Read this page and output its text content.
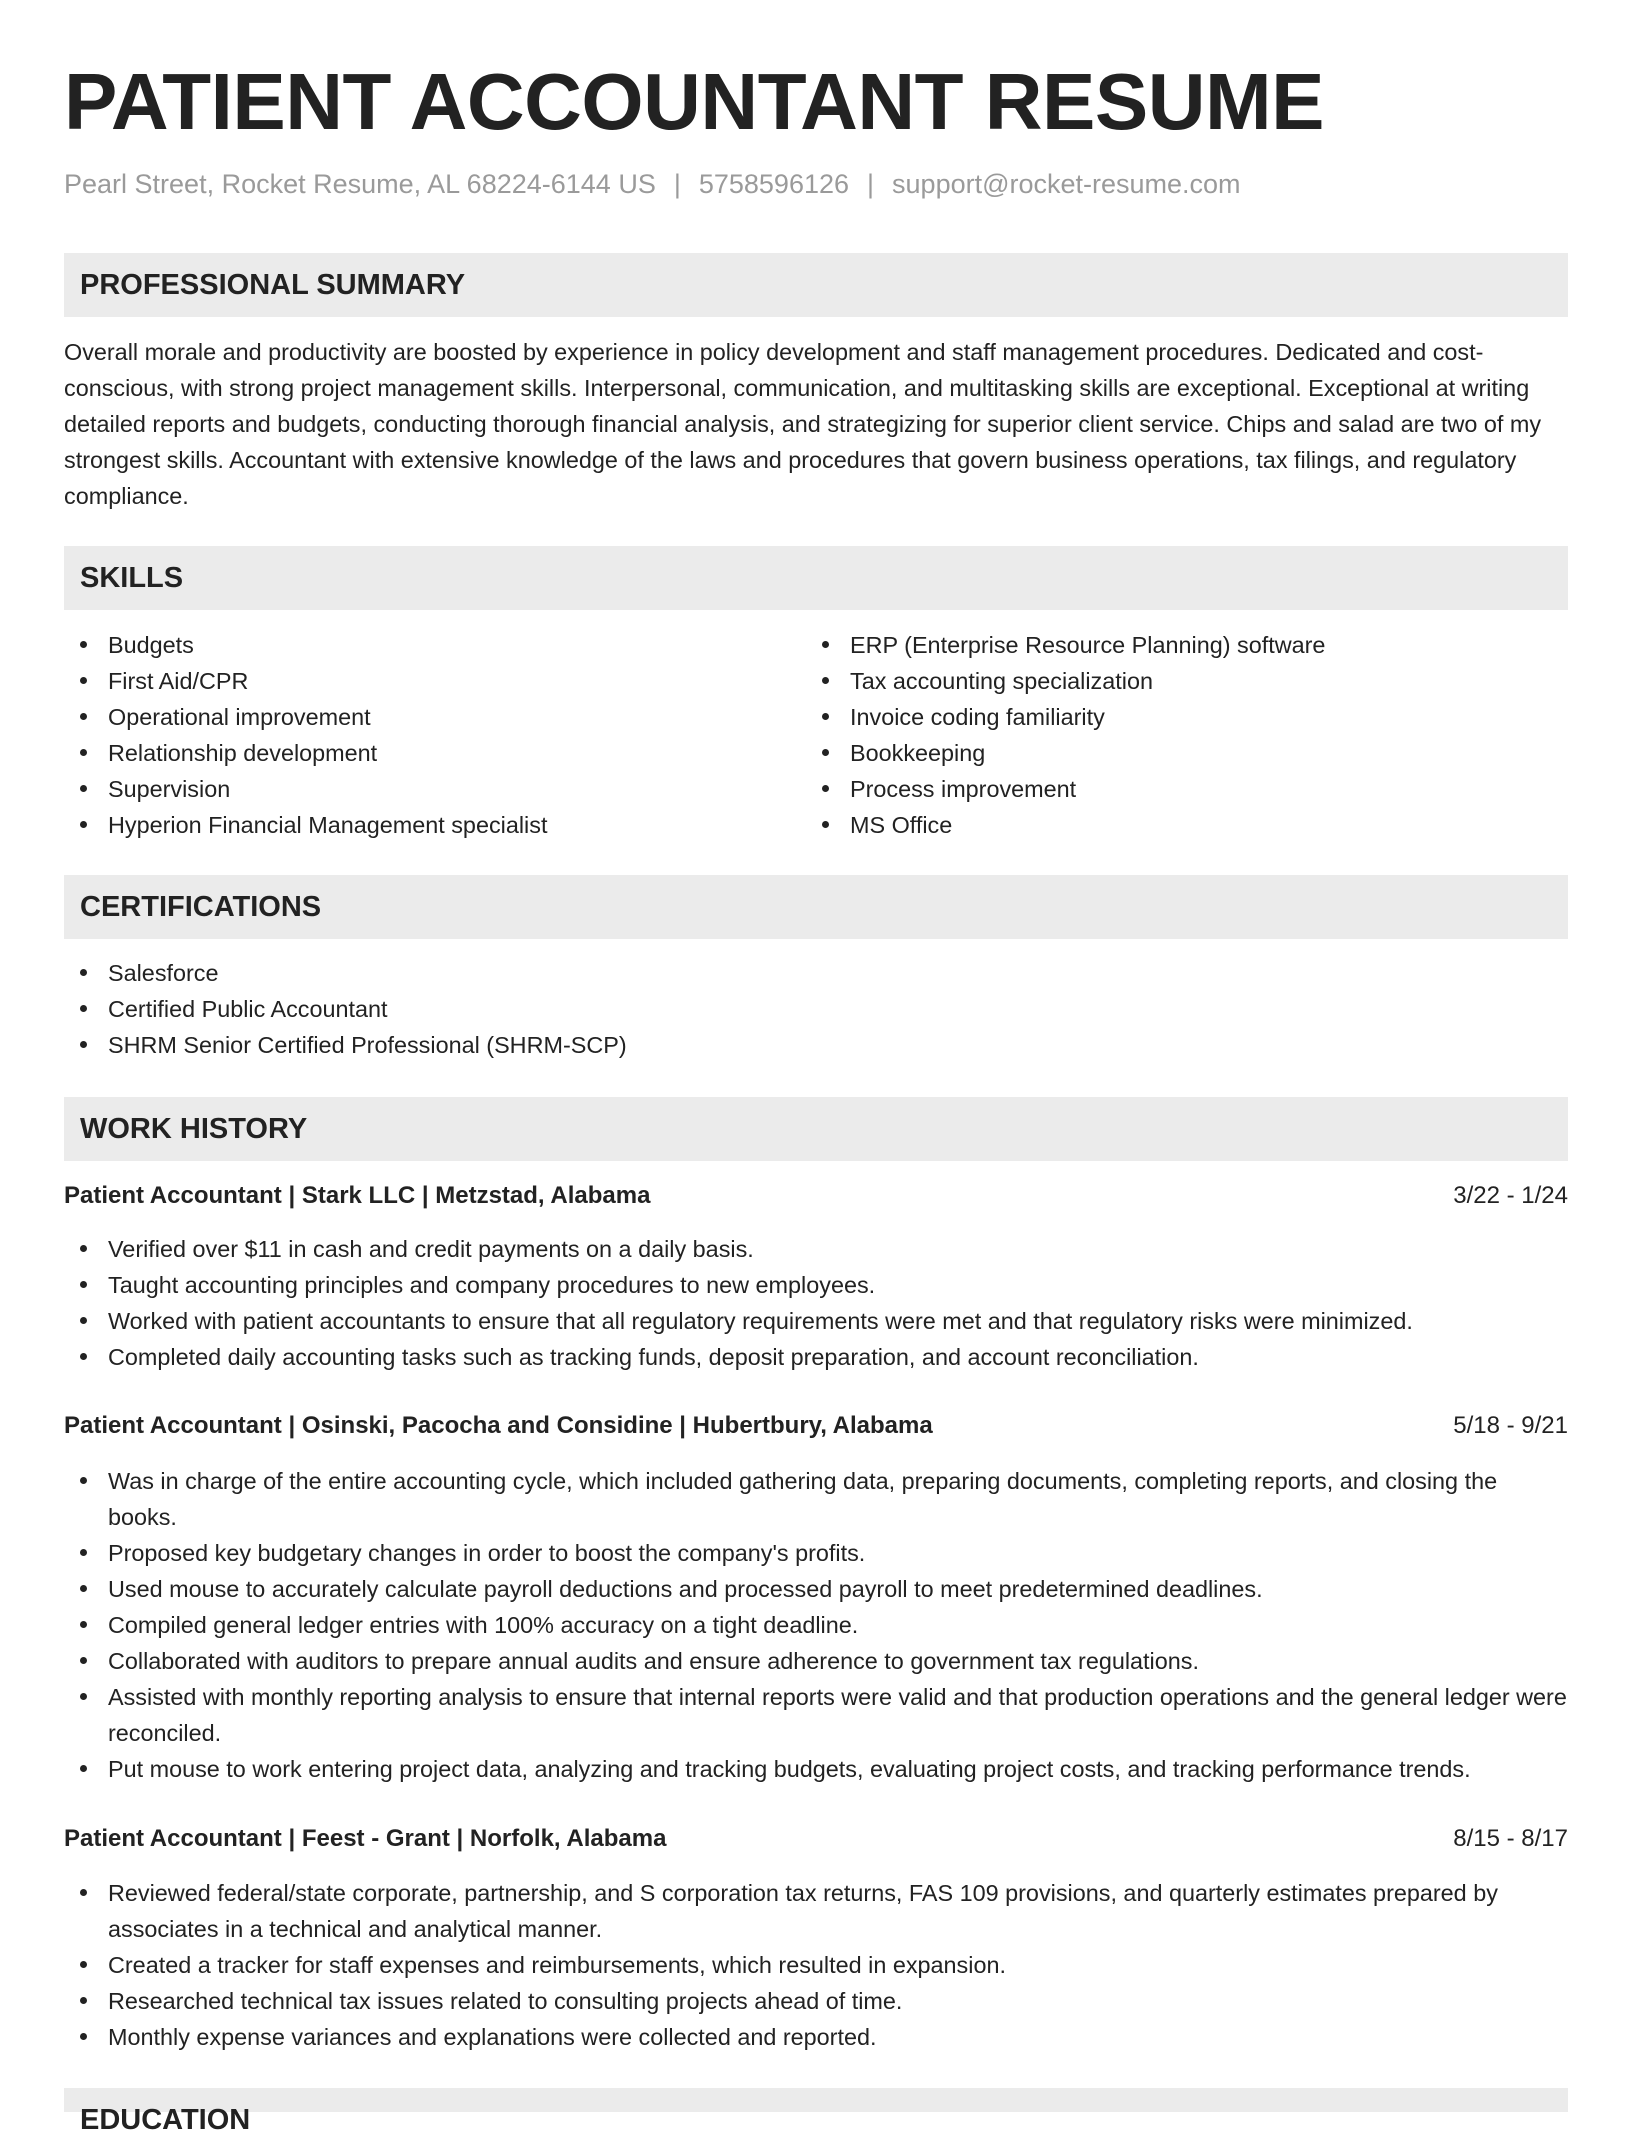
PATIENT ACCOUNTANT RESUME
Pearl Street, Rocket Resume, AL 68224-6144 US | 5758596126 | support@rocket-resume.com
PROFESSIONAL SUMMARY
Overall morale and productivity are boosted by experience in policy development and staff management procedures. Dedicated and cost-conscious, with strong project management skills. Interpersonal, communication, and multitasking skills are exceptional. Exceptional at writing detailed reports and budgets, conducting thorough financial analysis, and strategizing for superior client service. Chips and salad are two of my strongest skills. Accountant with extensive knowledge of the laws and procedures that govern business operations, tax filings, and regulatory compliance.
SKILLS
Budgets
First Aid/CPR
Operational improvement
Relationship development
Supervision
Hyperion Financial Management specialist
ERP (Enterprise Resource Planning) software
Tax accounting specialization
Invoice coding familiarity
Bookkeeping
Process improvement
MS Office
CERTIFICATIONS
Salesforce
Certified Public Accountant
SHRM Senior Certified Professional (SHRM-SCP)
WORK HISTORY
Patient Accountant | Stark LLC | Metzstad, Alabama	3/22 - 1/24
Verified over $11 in cash and credit payments on a daily basis.
Taught accounting principles and company procedures to new employees.
Worked with patient accountants to ensure that all regulatory requirements were met and that regulatory risks were minimized.
Completed daily accounting tasks such as tracking funds, deposit preparation, and account reconciliation.
Patient Accountant | Osinski, Pacocha and Considine | Hubertbury, Alabama	5/18 - 9/21
Was in charge of the entire accounting cycle, which included gathering data, preparing documents, completing reports, and closing the books.
Proposed key budgetary changes in order to boost the company's profits.
Used mouse to accurately calculate payroll deductions and processed payroll to meet predetermined deadlines.
Compiled general ledger entries with 100% accuracy on a tight deadline.
Collaborated with auditors to prepare annual audits and ensure adherence to government tax regulations.
Assisted with monthly reporting analysis to ensure that internal reports were valid and that production operations and the general ledger were reconciled.
Put mouse to work entering project data, analyzing and tracking budgets, evaluating project costs, and tracking performance trends.
Patient Accountant | Feest - Grant | Norfolk, Alabama	8/15 - 8/17
Reviewed federal/state corporate, partnership, and S corporation tax returns, FAS 109 provisions, and quarterly estimates prepared by associates in a technical and analytical manner.
Created a tracker for staff expenses and reimbursements, which resulted in expansion.
Researched technical tax issues related to consulting projects ahead of time.
Monthly expense variances and explanations were collected and reported.
EDUCATION
